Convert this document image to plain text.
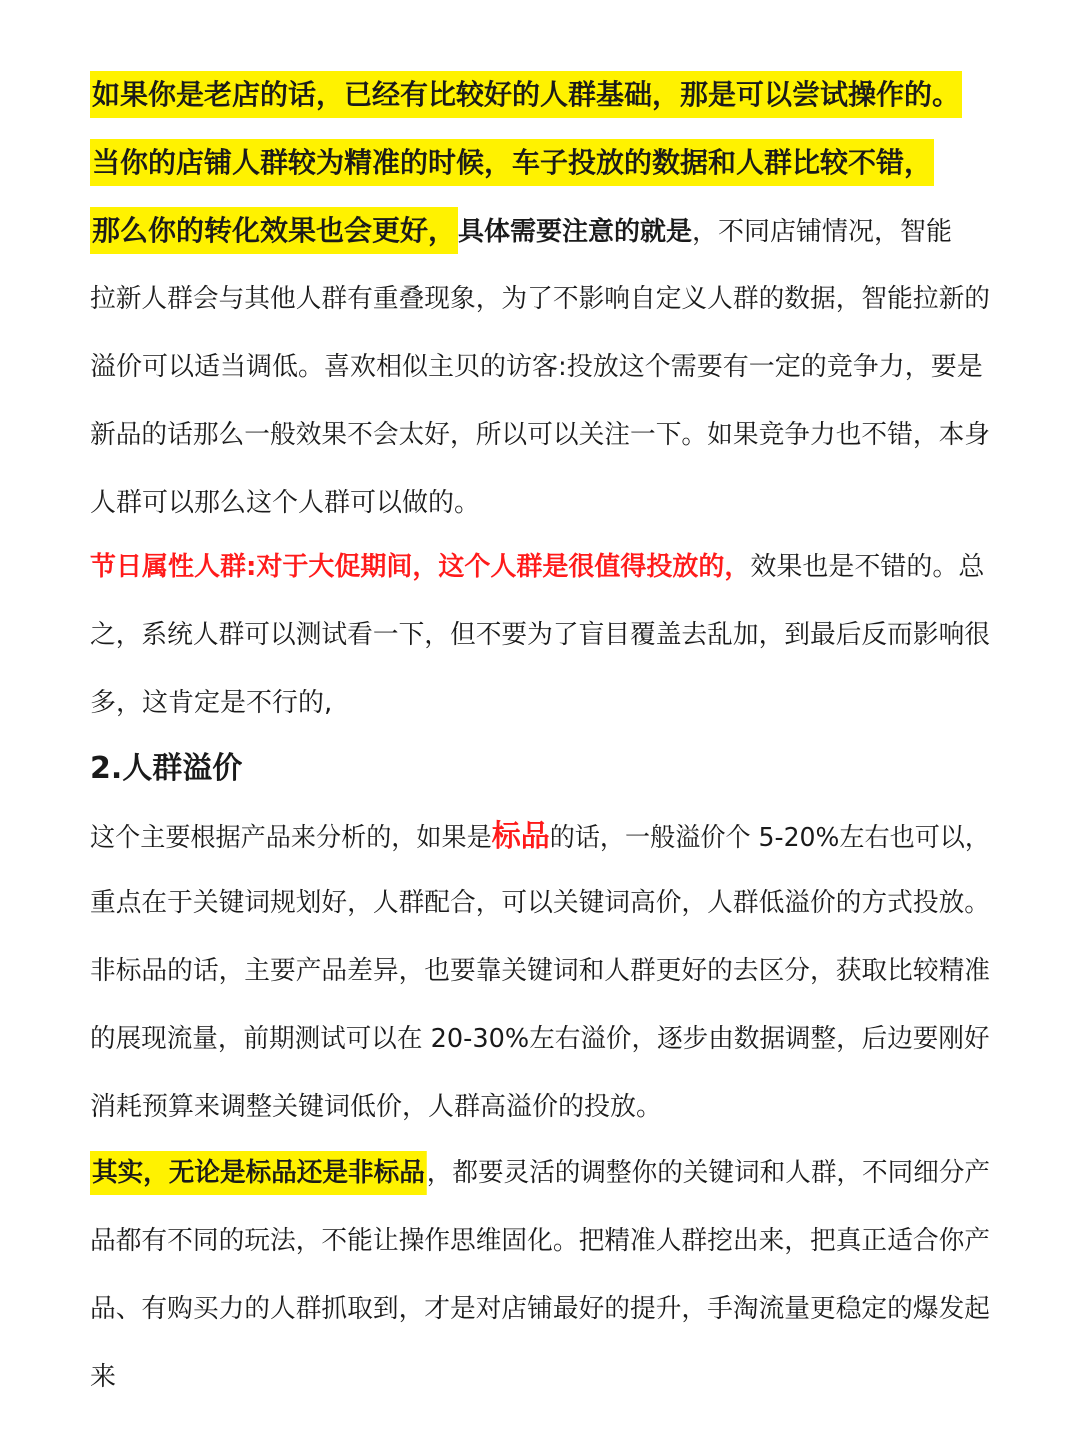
如果你是老店的话，已经有比较好的人群基础，那是可以尝试操作的。
当你的店铺人群较为精准的时候，车子投放的数据和人群比较不错，
那么你的转化效果也会更好，具体需要注意的就是，不同店铺情况，智能
拉新人群会与其他人群有重叠现象，为了不影响自定义人群的数据，智能拉新的
溢价可以适当调低。喜欢相似主贝的访客:投放这个需要有一定的竞争力，要是
新品的话那么一般效果不会太好，所以可以关注一下。如果竞争力也不错，本身
人群可以那么这个人群可以做的。
节日属性人群:对于大促期间，这个人群是很值得投放的，效果也是不错的。总
之，系统人群可以测试看一下，但不要为了盲目覆盖去乱加，到最后反而影响很
多，这肯定是不行的,
2.人群溢价
这个主要根据产品来分析的，如果是标品的话，一般溢价个 5-20%左右也可以，
重点在于关键词规划好，人群配合，可以关键词高价，人群低溢价的方式投放。
非标品的话，主要产品差异，也要靠关键词和人群更好的去区分，获取比较精准
的展现流量，前期测试可以在 20-30%左右溢价，逐步由数据调整，后边要刚好
消耗预算来调整关键词低价，人群高溢价的投放。
其实，无论是标品还是非标品，都要灵活的调整你的关键词和人群，不同细分产
品都有不同的玩法，不能让操作思维固化。把精准人群挖出来，把真正适合你产
品、有购买力的人群抓取到，才是对店铺最好的提升，手淘流量更稳定的爆发起
来
